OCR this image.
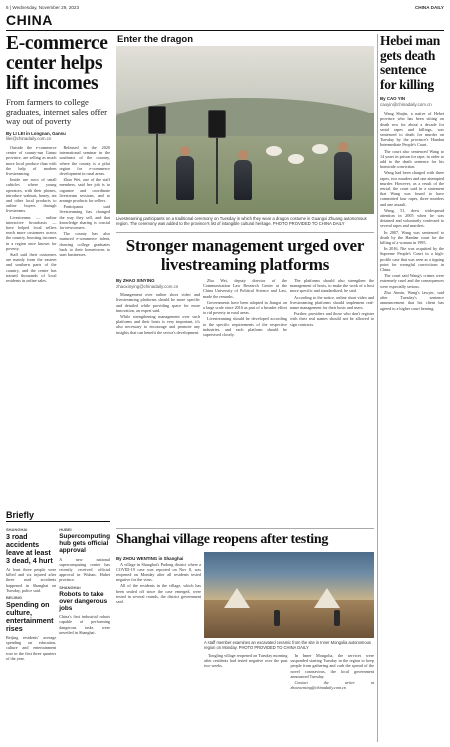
6 | Wednesday, November 29, 2023	CHINA DAILY
CHINA
E-commerce center helps lift incomes
From farmers to college graduates, internet sales offer way out of poverty
By LI LEI in Longnan, Gansu
lilei@chinadaily.com.cn

Outside the e-commerce center of county-run Gansu province, are selling as much more local produce than with the help of modern livestreaming.

Inside are rows of small cubicles where young operators, with their phones, introduce walnuts, honey, tea and other local products to online buyers through livestreams.

Livestreams — online interactive broadcasts — have helped local sellers reach more customers across the country, boosting incomes in a region once known for poverty.

Staff said their customers are mainly from the eastern and southern parts of the country, and the center has trained thousands of local residents in online sales.

Released in the 2020 international seminar in the southeast of the country, where the county is a pilot region for e-commerce development in rural areas.

Zhao Wei, one of the staff members, said her job is to organize and coordinate livestream sessions, and to arrange products for sellers.

Participants said livestreaming has changed the way they sell, and that knowledge sharing is crucial for newcomers.

The county has also nurtured e-commerce talent, drawing college graduates back to their hometowns to start businesses.

Briefly
SHANGHAI
3 road accidents leave at least 3 dead, 4 hurt
At least three people were killed and six injured after three road accidents happened in Shanghai on Tuesday, police said.
BEIJING
Spending on culture, entertainment rises
Beijing residents' average spending on education, culture and entertainment rose in the first three quarters of the year.
HUBEI
Supercomputing hub gets official approval
A new national supercomputing center has recently received official approval in Wuhan, Hubei province.
SHANGHAI
Robots to take over dangerous jobs
China's first industrial robots capable of performing dangerous tasks were unveiled in Shanghai.
Enter the dragon
Livestreaming participants on a traditional ceremony on Tuesday in which they wear a dragon costume in Guangxi Zhuang autonomous region. The ceremony was added to the province's list of intangible cultural heritage. PHOTO PROVIDED TO CHINA DAILY
Stronger management urged over livestreaming platforms
By ZHAO XINYING
zhaoxinying@chinadaily.com.cn

Management over online short video and livestreaming platforms should be more specific and detailed while providing space for more innovation, an expert said.

While strengthening management over such platforms and their hosts is very important, it's also necessary to encourage and promote any insights that can benefit the sector's development.

Zhu Wei, deputy director of the Communication Law Research Center at the China University of Political Science and Law, made the remarks.

Governments have been adopted in Jiangxi on a large scale since 2016 as part of a broader effort to rid poverty in rural areas.

Livestreaming should be developed according to the specific requirements of the respective industries, and each platform should be supervised closely.

The platforms should also strengthen the management of hosts, to make the work of a host more specific and standardized, he said.

According to the notice, online short video and livestreaming platforms should implement real-name management for their hosts and users.

Further, providers and those who don't register with their real names should not be allowed to sign contracts.

Shanghai village reopens after testing
By ZHOU WENTING in Shanghai

A village in Shanghai's Pudong district where a COVID-19 case was reported on Nov 8, was reopened on Monday after all residents tested negative for the virus.

All of the residents in the village, which has been sealed off since the case emerged, were tested in several rounds, the district government said.

A staff member examines an excavated ceramic from the site in Inner Mongolia autonomous region on Monday. PHOTO PROVIDED TO CHINA DAILY

Tongling village reopened on Tuesday morning after residents had tested negative over the past two weeks.

In Inner Mongolia, the services were suspended starting Tuesday in the region to keep people from gathering and curb the spread of the novel coronavirus, the local government announced Tuesday.

Contact the writer at zhouwenting@chinadaily.com.cn

Hebei man gets death sentence for killing
By CAO YIN
caoyin@chinadaily.com.cn

Wang Shujin, a native of Hebei province who has been sitting on death row for about a decade for serial rapes and killings, was sentenced to death for murder on Tuesday by the province's Handan Intermediate People's Court.

The court also sentenced Wang to 14 years in prison for rape, in order to add to the death sentence for his homicide conviction.

Wang had been charged with three rapes, two murders and one attempted murder. However, as a result of the retrial, the court said in a statement that Wang was found to have committed four rapes, three murders and one assault.

Wang, 51, drew widespread attention in 2005 when he was detained and voluntarily confessed to several rapes and murders.

In 2007, Wang was sentenced to death by the Handan court for the killing of a woman in 1995.

In 2016, Nie was acquitted by the Supreme People's Court in a high-profile case that was seen as a tipping point for wrongful convictions in China.

The court said Wang's crimes were extremely cruel and the consequences were especially serious.

Zhu Aimin, Wang's lawyer, said after Tuesday's sentence announcement that his client has agreed to a higher court hearing.
